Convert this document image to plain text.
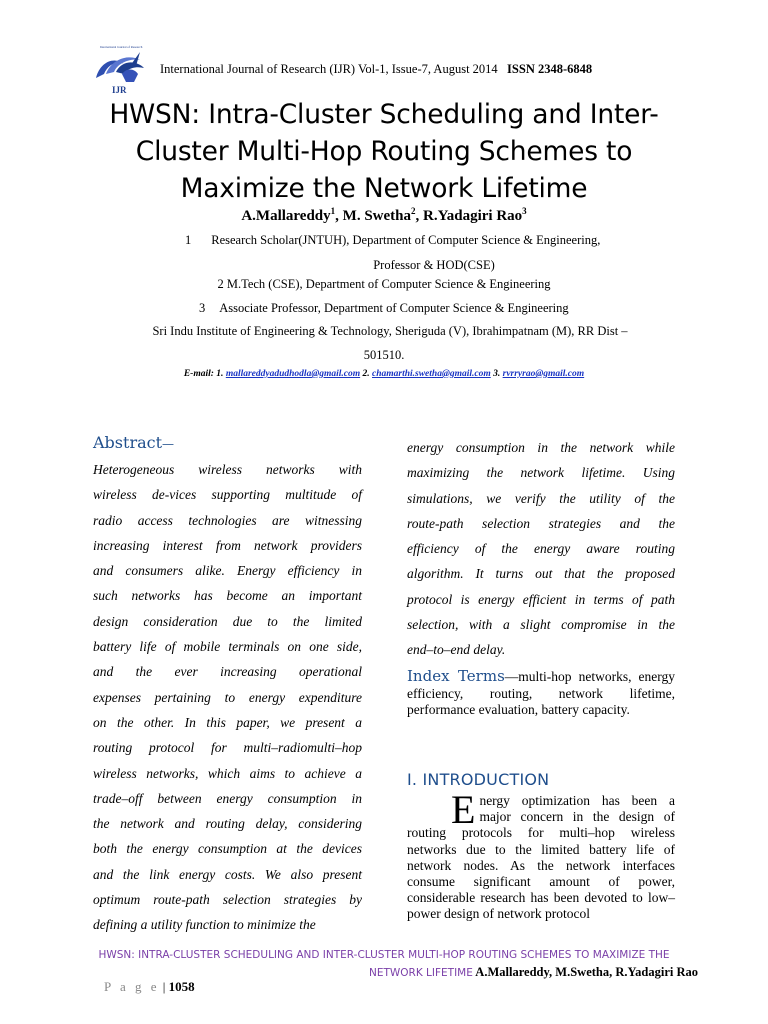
International Journal of Research
IJR
International Journal of Research (IJR) Vol-1, Issue-7, August 2014 ISSN 2348-6848
HWSN: Intra-Cluster Scheduling and Inter-
Cluster Multi-Hop Routing Schemes to
Maximize the Network Lifetime
A.Mallareddy$^1$, M. Swetha$^2$, R.Yadagiri Rao$^3$
1 Research Scholar(JNTUH), Department of Computer Science & Engineering,
Professor & HOD(CSE)
2 M.Tech (CSE), Department of Computer Science & Engineering
3 Associate Professor, Department of Computer Science & Engineering
Sri Indu Institute of Engineering & Technology, Sheriguda (V), Ibrahimpatnam (M), RR Dist –
501510.
E-mail: 1. mallareddyadudhodla@gmail.com 2. chamarthi.swetha@gmail.com 3. rvrryrao@gmail.com
Abstract—
Heterogeneous wireless networks with
wireless de-vices supporting multitude of
radio access technologies are witnessing
increasing interest from network providers
and consumers alike. Energy efficiency in
such networks has become an important
design consideration due to the limited
battery life of mobile terminals on one side,
and the ever increasing operational
expenses pertaining to energy expenditure
on the other. In this paper, we present a
routing protocol for multi–radiomulti–hop
wireless networks, which aims to achieve a
trade–off between energy consumption in
the network and routing delay, considering
both the energy consumption at the devices
and the link energy costs. We also present
optimum route-path selection strategies by
defining a utility function to minimize the
energy consumption in the network while
maximizing the network lifetime. Using
simulations, we verify the utility of the
route-path selection strategies and the
efficiency of the energy aware routing
algorithm. It turns out that the proposed
protocol is energy efficient in terms of path
selection, with a slight compromise in the
end–to–end delay.
Index Terms—multi-hop networks, energy efficiency, routing, network lifetime, performance evaluation, battery capacity.
I. INTRODUCTION
Energy optimization has been a major concern in the design of routing protocols for multi–hop wireless networks due to the limited battery life of network nodes. As the network interfaces consume significant amount of power, considerable research has been devoted to low–power design of network protocol
HWSN: INTRA-CLUSTER SCHEDULING AND INTER-CLUSTER MULTI-HOP ROUTING SCHEMES TO MAXIMIZE THE
NETWORK LIFETIME A.Mallareddy, M.Swetha, R.Yadagiri Rao
P a g e | 1058
